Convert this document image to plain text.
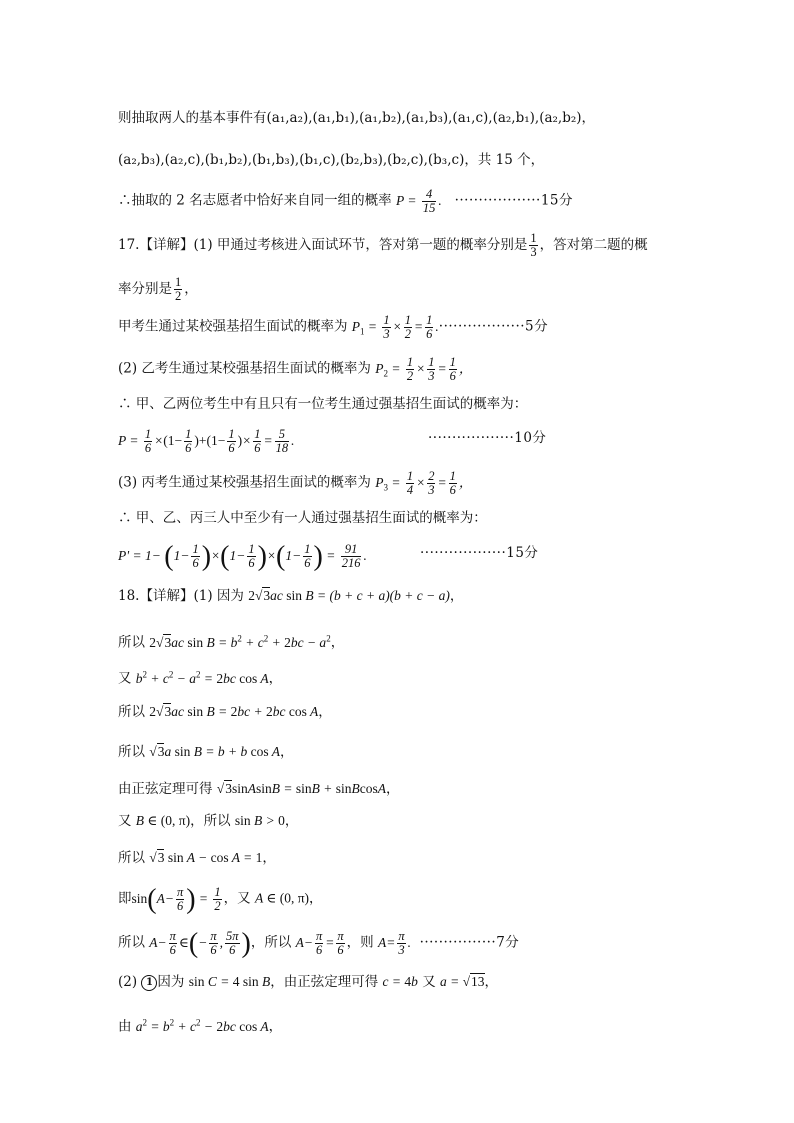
则抽取两人的基本事件有(a₁,a₂),(a₁,b₁),(a₁,b₂),(a₁,b₃),(a₁,c),(a₂,b₁),(a₂,b₂)，
(a₂,b₃),(a₂,c),(b₁,b₂),(b₁,b₃),(b₁,c),(b₂,b₃),(b₂,c),(b₃,c)，共 15 个，
∴抽取的 2 名志愿者中恰好来自同一组的概率 $P = \frac{4}{15}$ . ··················15分
17.【详解】(1) 甲通过考核进入面试环节，答对第一题的概率分别是 $\frac{1}{3}$ ，答对第二题的概
率分别是 $\frac{1}{2}$ ，
甲考生通过某校强基招生面试的概率为 $P_1 = \frac{1}{3} \times \frac{1}{2} = \frac{1}{6} .\cdot\cdot\cdot\cdot\cdot\cdot\cdot\cdot\cdot\cdot\cdot\cdot\cdot\cdot\cdot\cdot\cdot\cdot 5$分
(2) 乙考生通过某校强基招生面试的概率为 $P_2 = \frac{1}{2} \times \frac{1}{3} = \frac{1}{6}$ ，
∴ 甲、乙两位考生中有且只有一位考生通过强基招生面试的概率为：
$P = \frac{1}{6} \times(1- \frac{1}{6} )+(1- \frac{1}{6}$ )× $\frac{1}{6} = \frac{5}{18}$ .	··················10分
(3) 丙考生通过某校强基招生面试的概率为 $P_3 = \frac{1}{4} \times \frac{2}{3} = \frac{1}{6}$ ，
∴ 甲、乙、丙三人中至少有一人通过强基招生面试的概率为：
$P' = 1- (1- \frac{1}{6} )\times(1- \frac{1}{6} )\times(1- \frac{1}{6}$ ) = $\frac{91}{216}$ .	··················15分
18.【详解】(1) 因为 2√3ac sin B = (b + c + a)(b + c − a)，
所以 2√3ac $\sin B = b^2 + c^2 + 2bc - a^2$，
又 $b^2 + c^2 - a^2 = 2bc$ cos A，
所以 2√3ac sin B = 2bc + 2bc cos A，
所以 √3a sin B = b + b cos A，
由正弦定理可得 √3sinAsinB = sinB + sinBcosA，
又 B ∈ (0, π)，所以 sin B > 0，
所以 √3 sin A − cos A = 1，
即$\sin(A- \frac{\pi}{6}$ ) = $\frac{1}{2}$ ，又 A ∈ (0, π)，
所以 $A- \frac{\pi}{6}$ ∈(− $\frac{\pi}{6}$ , $\frac{5\pi}{6}$ )，所以 $A- \frac{\pi}{6} = \frac{\pi}{6}$ ，则 $A= \frac{\pi}{3}$ . ················7分
(2) 1 因为 sin C = 4 sin B，由正弦定理可得 c = 4b 又 a = √13，
由 $a^2 = b^2 + c^2 - 2bc$ cos A，
